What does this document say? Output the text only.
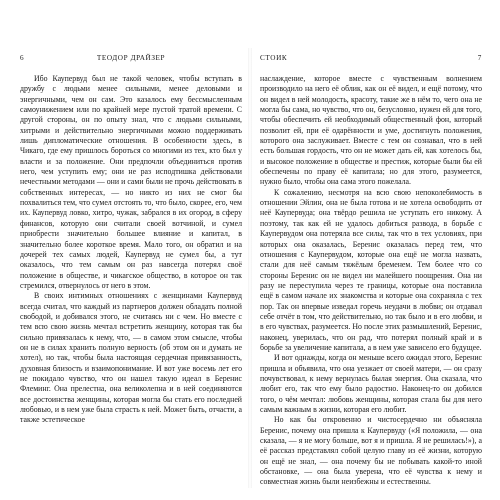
6	ТЕОДОР ДРАЙЗЕР

Ибо Каупервуд был не такой человек, чтобы вступать в дружбу с людьми менее сильными, менее деловыми и энергичными, чем он сам. Это казалось ему бессмысленным самоунижением или по крайней мере пустой тратой времени. С другой стороны, он по опыту знал, что с людьми сильными, хитрыми и действительно энергичными можно поддерживать лишь дипломатические отношения. В особенности здесь, в Чикаго, где ему пришлось бороться со многими из тех, кто был у власти и за положение. Они предпочли объединиться против него, чем уступить ему; они не раз исподтишка действовали нечестными методами — они и сами были не прочь действовать в собственных интересах, — но никто из них не смог бы похвалиться тем, что сумел отстоять то, что было, скорее, его, чем их. Каупервуд ловко, хитро, чужак, забрался в их огород, в сферу финансов, которую они считали своей вотчиной, и сумел приобрести значительно большее влияние и капитал, в значительно более короткое время. Мало того, он обратил и на дочерей тех самых людей, Каупервуд не сумел бы, а тут оказалось, что тем самым он раз навсегда потерял своё положение в обществе, и чикагское общество, в которое он так стремился, отвернулось от него в этом.

В своих интимных отношениях с женщинами Каупервуд всегда считал, что каждый из партнеров должен обладать полной свободой, и добивался этого, не считаясь ни с чем. Но вместе с тем всю свою жизнь мечтал встретить женщину, которая так бы сильно привязалась к нему, что, — в самом этом смысле, чтобы он не в силах хранить полную верность (об этом он и думать не хотел), но так, чтобы была настоящая сердечная привязанность, духовная близость и взаимопонимание. И вот уже восемь лет его не покидало чувство, что он нашел такую идеал в Беренис Флеминг. Она прелестна, она великолепна и в ней соединяются все достоинства женщины, которая могла бы стать его последней любовью, и в нем уже была страсть к ней. Может быть, отчасти, а также эстетическое

СТОИК	7

наслаждение, которое вместе с чувственным волнением производило на него её облик, как он её видел, и ещё потому, что он видел в ней молодость, красоту, такие же в нём то, чего она не могла бы сама, но чувство, что он, безусловно, нужен ей для того, чтобы обеспечить ей необходимый общественный фон, который позволит ей, при её одарённости и уме, достигнуть положения, которого она заслуживает. Вместе с тем он сознавал, что в ней есть большая гордость, что он не может дать ей, как хотелось бы, и высокое положение в обществе и престиж, которые были бы ей обеспечены по праву её капитала; но для этого, разумеется, нужно было, чтобы она сама этого пожелала.

К сожалению, несмотря на всю свою непоколебимость в отношении Эйлин, она не была готова и не хотела освободить от неё Каупервуда; она твёрдо решила не уступать его никому. А поэтому, так как ей не удалось добиться развода, в борьбе с Каупервудом она потеряла все силы, так что в тех условиях, при которых она оказалась, Беренис оказалась перед тем, что отношения с Каупервудом, которые она ещё не могла назвать, стали для неё самым тяжёлым бременем. Тем более что со стороны Беренис он не видел ни малейшего поощрения. Она ни разу не переступила через те границы, которые она поставила ещё в самом начале их знакомства и которые она сохраняла с тех пор. Так он впервые изведал горечь неудачи в любви; он отдавал себе отчёт в том, что действительно, но так было и в его любви, и в его чувствах, разумеется. Но после этих размышлений, Беренис, наконец, уверилась, что он рад, что потерял полный край и в борьбе за увеличение капитала, а в нем уже зависело его будущее.

И вот однажды, когда он меньше всего ожидал этого, Беренис пришла и объявила, что она уезжает от своей матери, — он сразу почувствовал, к нему вернулась былая энергия. Она сказала, что любит его, так что ему было радостно. Наконец-то он добился того, о чём мечтал: любовь женщины, которая стала бы для него самым важным в жизни, которая его любит.

Но как бы откровенно и чистосердечно ни объясняла Беренис, почему она пришла к Каупервуду («Я положила, — она сказала, — я не могу больше, вот я и пришла. Я не решилась!»), а её рассказ представлял собой целую главу из её жизни, которую он ещё не знал, — она почему бы не побывать какой-то иной обстановке, — она была уверена, что её чувства к нему и совместная жизнь были неизбежны и естественны.
